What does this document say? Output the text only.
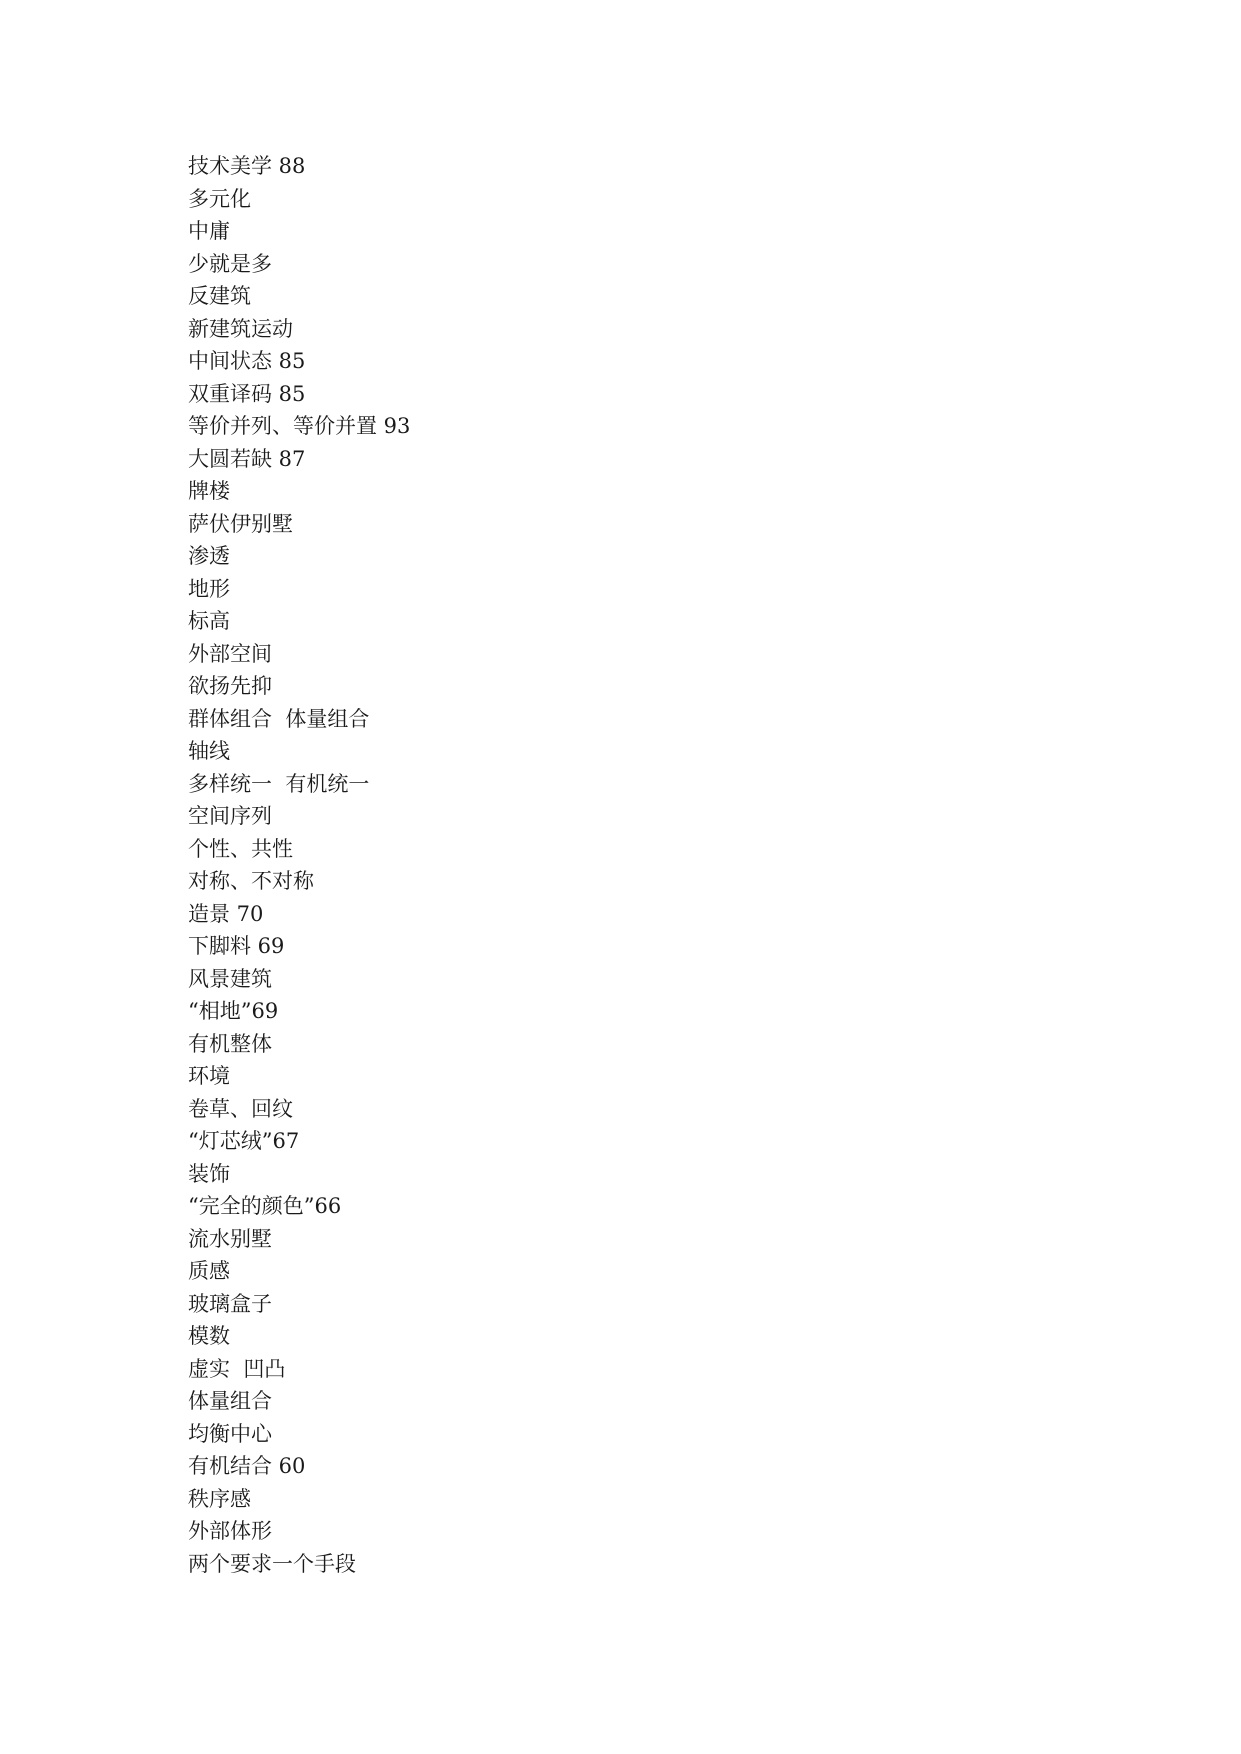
技术美学 88
多元化
中庸
少就是多
反建筑
新建筑运动
中间状态 85
双重译码 85
等价并列、等价并置 93
大圆若缺 87
牌楼
萨伏伊别墅
渗透
地形
标高
外部空间
欲扬先抑
群体组合  体量组合
轴线
多样统一  有机统一
空间序列
个性、共性
对称、不对称
造景 70
下脚料 69
风景建筑
“相地”69
有机整体
环境
卷草、回纹
“灯芯绒”67
装饰
“完全的颜色”66
流水别墅
质感
玻璃盒子
模数
虚实  凹凸
体量组合
均衡中心
有机结合 60
秩序感
外部体形
两个要求一个手段
